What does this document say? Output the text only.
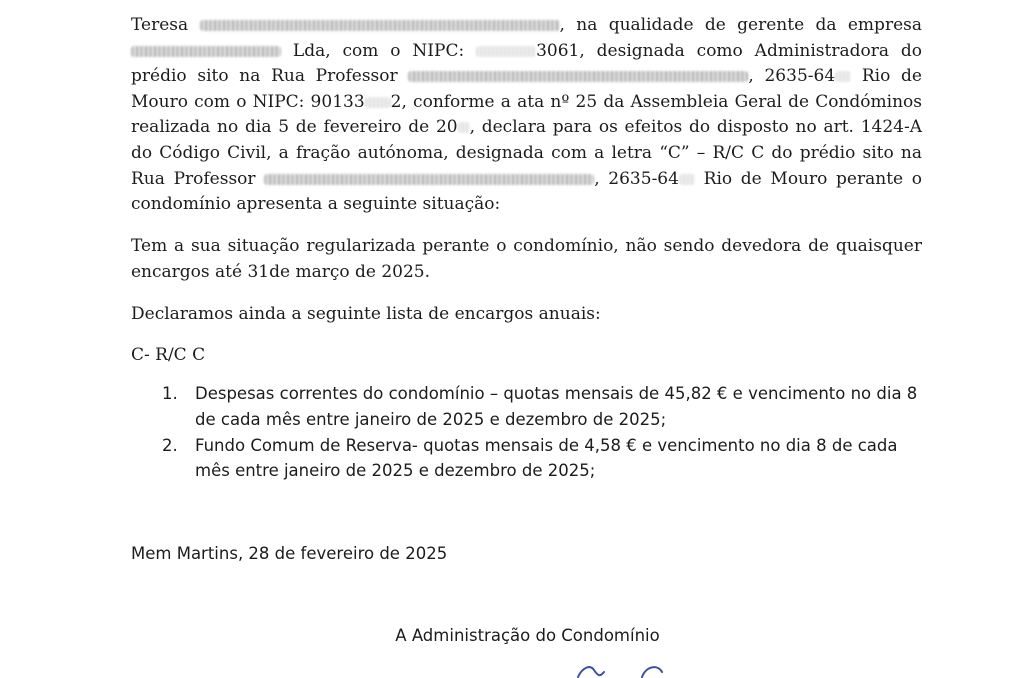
Teresa	, na qualidade de gerente da empresa  Lda, com o NIPC:	3061, designada como Administradora do prédio sito na Rua Professor	, 2635-64 Rio de Mouro com o NIPC: 90133 2, conforme a ata nº 25 da Assembleia Geral de Condóminos realizada no dia 5 de fevereiro de 20 , declara para os efeitos do disposto no art. 1424-A do Código Civil, a fração autónoma, designada com a letra “C” – R/C C do prédio sito na Rua Professor	, 2635-64 Rio de Mouro perante o condomínio apresenta a seguinte situação:

Tem a sua situação regularizada perante o condomínio, não sendo devedora de quaisquer encargos até 31de março de 2025.

Declaramos ainda a seguinte lista de encargos anuais:

C- R/C C

1. Despesas correntes do condomínio – quotas mensais de 45,82 € e vencimento no dia 8 de cada mês entre janeiro de 2025 e dezembro de 2025;
2. Fundo Comum de Reserva- quotas mensais de 4,58 € e vencimento no dia 8 de cada mês entre janeiro de 2025 e dezembro de 2025;

Mem Martins, 28 de fevereiro de 2025

A Administração do Condomínio
